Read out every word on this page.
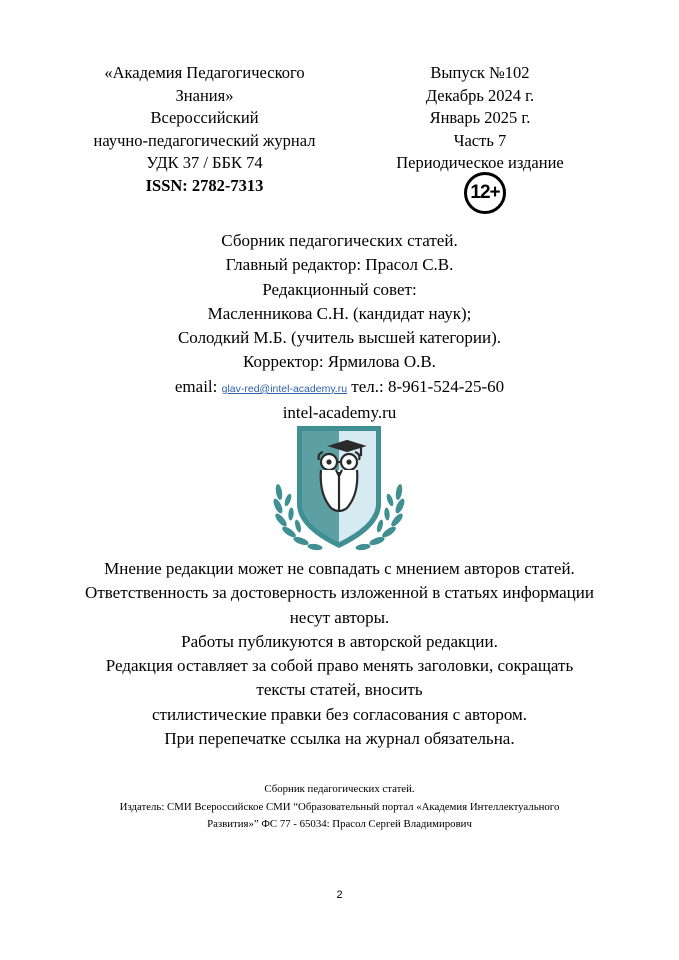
«Академия Педагогического
Знания»
Всероссийский
научно-педагогический журнал
УДК 37 / ББК 74
ISSN: 2782-7313
Выпуск №102
Декабрь 2024 г.
Январь 2025 г.
Часть 7
Периодическое издание
12+
Сборник педагогических статей.
Главный редактор: Прасол С.В.
Редакционный совет:
Масленникова С.Н. (кандидат наук);
Солодкий М.Б. (учитель высшей категории).
Корректор: Ярмилова О.В.
email: glav-red@intel-academy.ru тел.: 8-961-524-25-60
intel-academy.ru
Мнение редакции может не совпадать с мнением авторов статей.
Ответственность за достоверность изложенной в статьях информации
несут авторы.
Работы публикуются в авторской редакции.
Редакция оставляет за собой право менять заголовки, сокращать
тексты статей, вносить
стилистические правки без согласования с автором.
При перепечатке ссылка на журнал обязательна.
Сборник педагогических статей.
Издатель: СМИ Всероссийское СМИ “Образовательный портал «Академия Интеллектуального
Развития»” ФС 77 - 65034: Прасол Сергей Владимирович
2
